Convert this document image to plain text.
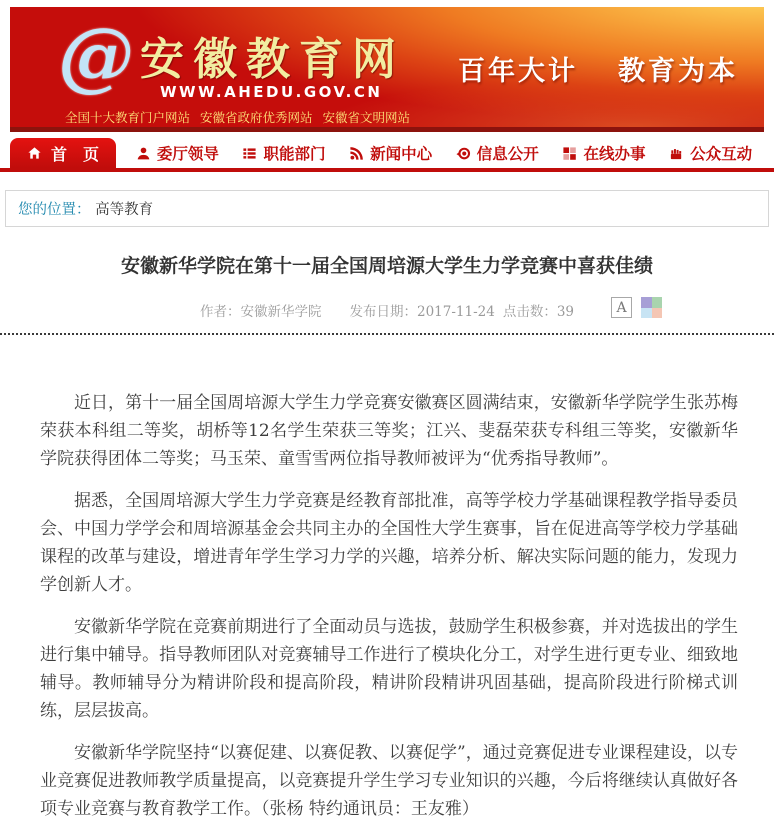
@ 安徽教育网
WWW.AHEDU.GOV.CN
全国十大教育门户网站 安徽省政府优秀网站 安徽省文明网站
百年大计 教育为本
首　页	委厅领导	职能部门	新闻中心	信息公开	在线办事	公众互动
您的位置： 高等教育
安徽新华学院在第十一届全国周培源大学生力学竞赛中喜获佳绩
作者：安徽新华学院 发布日期：2017-11-24 点击数：39	A

近日，第十一届全国周培源大学生力学竞赛安徽赛区圆满结束，安徽新华学院学生张苏梅荣获本科组二等奖，胡桥等12名学生荣获三等奖；江兴、斐磊荣获专科组三等奖，安徽新华学院获得团体二等奖；马玉荣、童雪雪两位指导教师被评为“优秀指导教师”。

据悉，全国周培源大学生力学竞赛是经教育部批准，高等学校力学基础课程教学指导委员会、中国力学学会和周培源基金会共同主办的全国性大学生赛事，旨在促进高等学校力学基础课程的改革与建设，增进青年学生学习力学的兴趣，培养分析、解决实际问题的能力，发现力学创新人才。

安徽新华学院在竞赛前期进行了全面动员与选拔，鼓励学生积极参赛，并对选拔出的学生进行集中辅导。指导教师团队对竞赛辅导工作进行了模块化分工，对学生进行更专业、细致地辅导。教师辅导分为精讲阶段和提高阶段，精讲阶段精讲巩固基础，提高阶段进行阶梯式训练，层层拔高。

安徽新华学院坚持“以赛促建、以赛促教、以赛促学”，通过竞赛促进专业课程建设，以专业竞赛促进教师教学质量提高，以竞赛提升学生学习专业知识的兴趣，今后将继续认真做好各项专业竞赛与教育教学工作。（张杨 特约通讯员：王友雅）
